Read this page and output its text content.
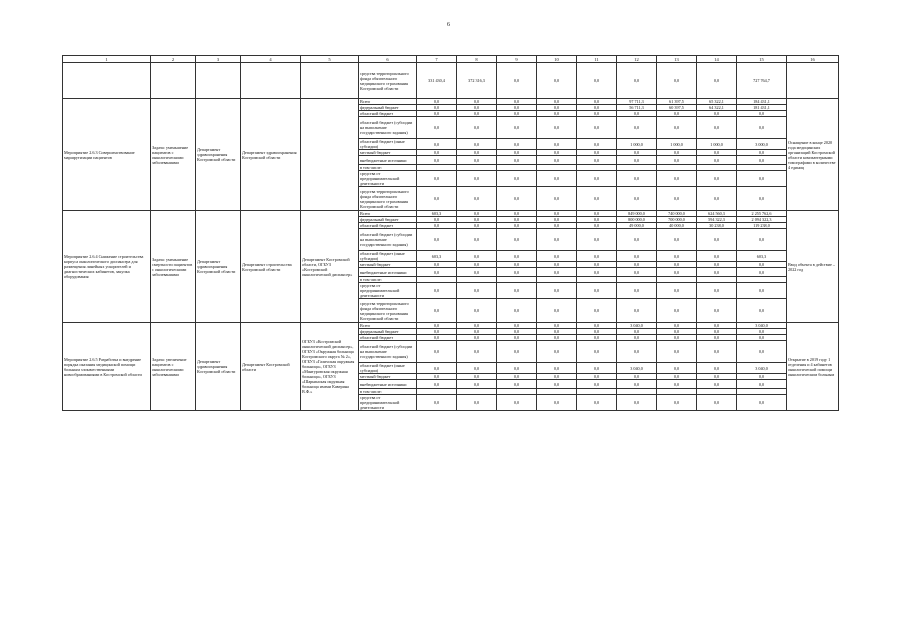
6
1	2	3	4	5	6	7	8	9	10	11	12	13	14	15	16
					средства территориального фонда обязательного медицинского страхования Костромской области	331 430,4	372 316,3	0,0	0,0	0,0	0,0	0,0	0,0	727 764,7	
Мероприятие 2.6.3 Совершенствование маршрутизации пациентов	Задача: уменьшение пациентов с онкологическими заболеваниями	Департамент здравоохранения Костромской области	Департамент здравоохранения Костромской области		Всего	0,0	0,0	0,0	0,0	0,0	97 711,3	61 397,5	65 322,1	184 431,1	Оснащение в конце 2020 года медицинских организаций Костромской области компьютерными томографами в количестве 4 единиц
					федеральный бюджет	0,0	0,0	0,0	0,0	0,0	56 711,3	60 397,5	64 322,1	181 431,1	
					областной бюджет	0,0	0,0	0,0	0,0	0,0	0,0	0,0	0,0	0,0	
					областной бюджет (субсидии на выполнение государственного задания)	0,0	0,0	0,0	0,0	0,0	0,0	0,0	0,0	0,0	
					областной бюджет (иные субсидии)	0,0	0,0	0,0	0,0	0,0	1 000,0	1 000,0	1 000,0	3 000,0	
					местный бюджет	0,0	0,0	0,0	0,0	0,0	0,0	0,0	0,0	0,0	
					внебюджетные источники	0,0	0,0	0,0	0,0	0,0	0,0	0,0	0,0	0,0	
					в том числе:										
					средства от предпринимательской деятельности	0,0	0,0	0,0	0,0	0,0	0,0	0,0	0,0	0,0	
					средства территориального фонда обязательного медицинского страхования Костромской области	0,0	0,0	0,0	0,0	0,0	0,0	0,0	0,0	0,0	
Мероприятие 2.6.4 Снижение строительства корпуса онкологического диспансера для размещения линейных ускорителей и диагностических кабинетов, закупка оборудования	Задача: уменьшение смертности пациентов с онкологическими заболеваниями	Департамент здравоохранения Костромской области	Департамент строительства Костромской области	Департамент Костромской области, ОГБУЗ «Костромской онкологический диспансер»	Всего	603,3	0,0	0,0	0,0	0,0	849 000,0	740 000,0	624 560,3	2 255 762,6	Ввод объекта в действие – 2022 год
					федеральный бюджет	0,0	0,0	0,0	0,0	0,0	800 000,0	700 000,0	594 322,3	2 094 322,3	
					областной бюджет	0,0	0,0	0,0	0,0	0,0	49 000,0	40 000,0	30 238,0	119 238,0	
					областной бюджет (субсидии на выполнение государственного задания)	0,0	0,0	0,0	0,0	0,0	0,0	0,0	0,0	0,0	
					областной бюджет (иные субсидии)	603,3	0,0	0,0	0,0	0,0	0,0	0,0	0,0	603,3	
					местный бюджет	0,0	0,0	0,0	0,0	0,0	0,0	0,0	0,0	0,0	
					внебюджетные источники	0,0	0,0	0,0	0,0	0,0	0,0	0,0	0,0	0,0	
					в том числе:										
					средства от предпринимательской деятельности	0,0	0,0	0,0	0,0	0,0	0,0	0,0	0,0	0,0	
					средства территориального фонда обязательного медицинского страхования Костромской области	0,0	0,0	0,0	0,0	0,0	0,0	0,0	0,0	0,0	
Мероприятие 2.6.5 Разработка и внедрение порядка оказания медицинской помощи больным злокачественными новообразованиями в Костромской области	Задача: увеличение пациентов с онкологическими заболеваниями	Департамент здравоохранения Костромской области	Департамент Костромской области	ОГБУЗ «Костромской онкологический диспансер», ОГБУЗ «Окружная больница Костромского округа № 2», ОГБУЗ «Галичская окружная больница», ОГБУЗ «Мантуровская окружная больница», ОГБУЗ «Шарьинская окружная больница имени Каверина В.Ф.»	Всего	0,0	0,0	0,0	0,0	0,0	3 040,0	0,0	0,0	3 040,0	Открытие в 2019 году 1 отделения и 4 кабинетов онкологической помощи онкологическим больным
					федеральный бюджет	0,0	0,0	0,0	0,0	0,0	0,0	0,0	0,0	0,0	
					областной бюджет	0,0	0,0	0,0	0,0	0,0	0,0	0,0	0,0	0,0	
					областной бюджет (субсидии на выполнение государственного задания)	0,0	0,0	0,0	0,0	0,0	0,0	0,0	0,0	0,0	
					областной бюджет (иные субсидии)	0,0	0,0	0,0	0,0	0,0	3 040,0	0,0	0,0	3 040,0	
					местный бюджет	0,0	0,0	0,0	0,0	0,0	0,0	0,0	0,0	0,0	
					внебюджетные источники	0,0	0,0	0,0	0,0	0,0	0,0	0,0	0,0	0,0	
					в том числе:										
					средства от предпринимательской деятельности	0,0	0,0	0,0	0,0	0,0	0,0	0,0	0,0	0,0	
